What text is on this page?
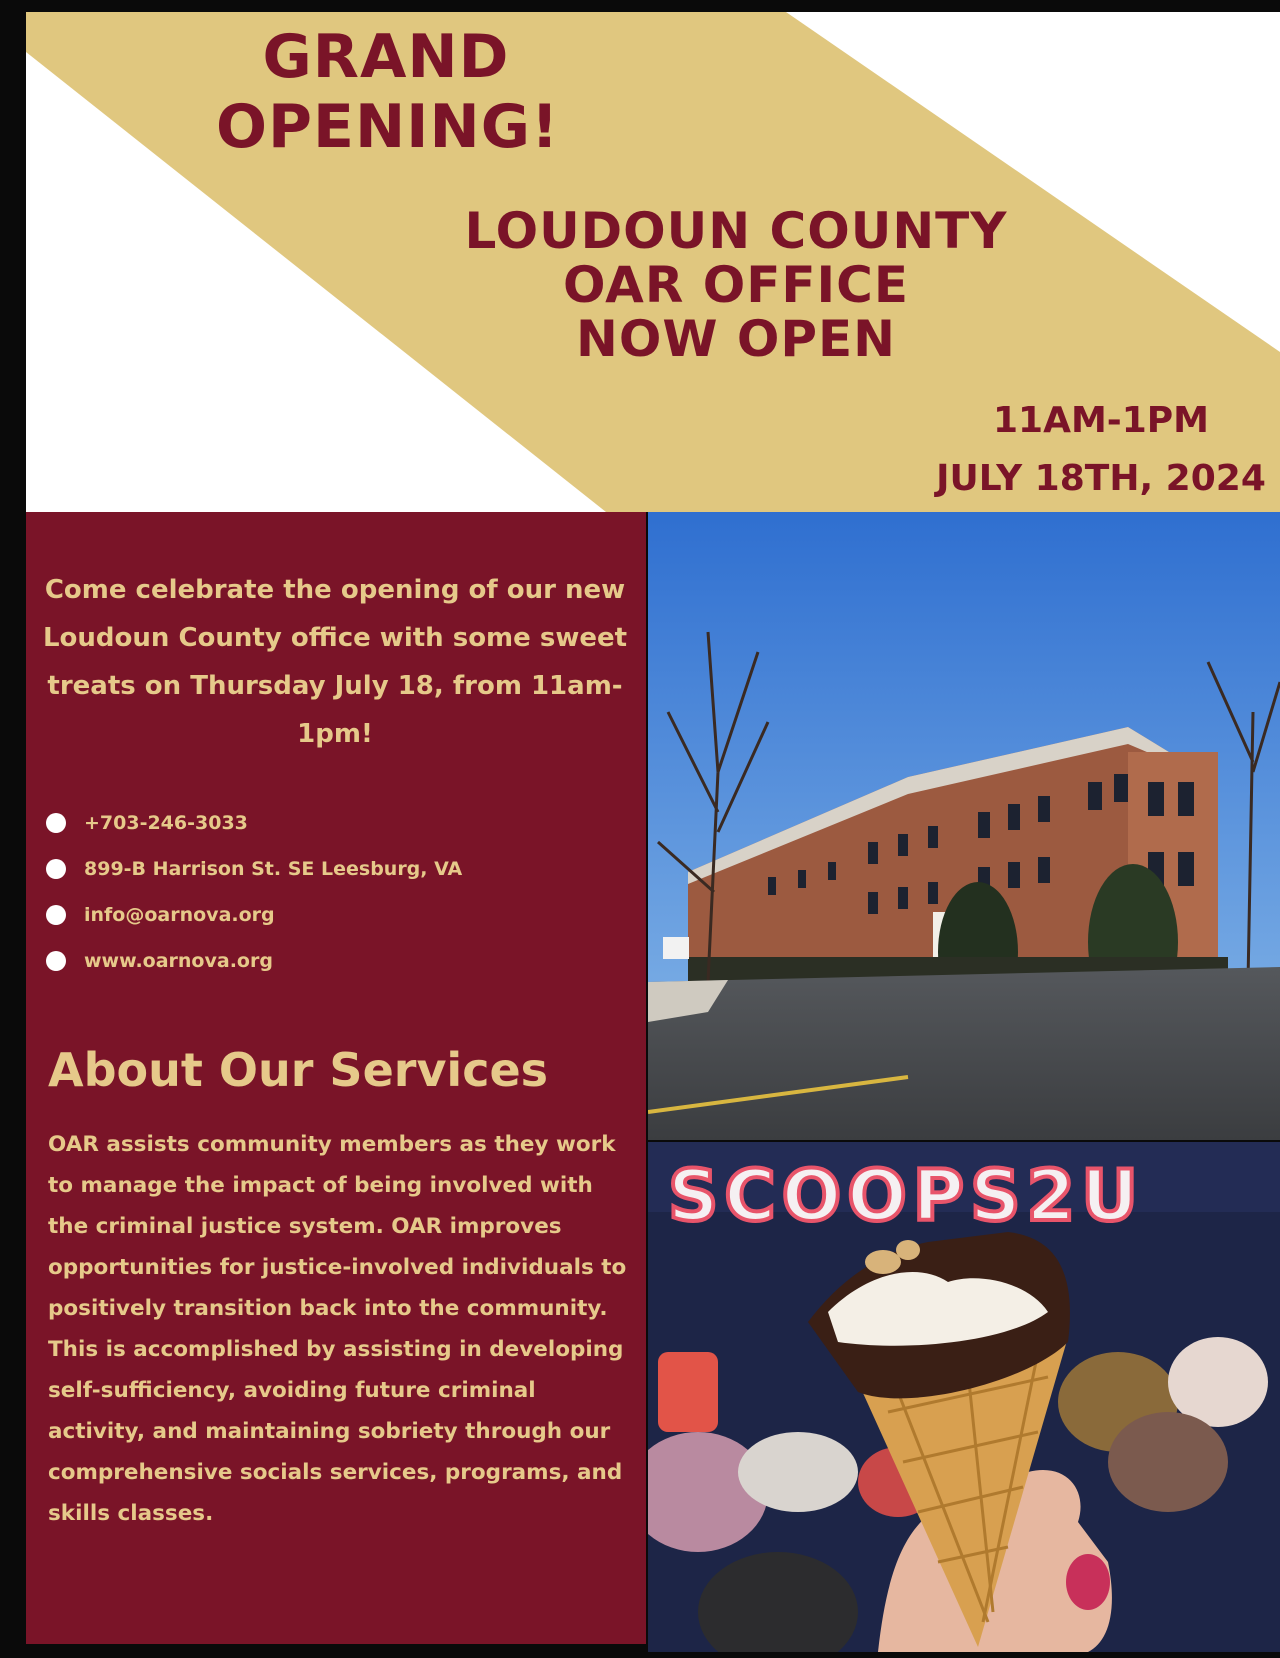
GRAND
OPENING!
LOUDOUN COUNTY
OAR OFFICE
NOW OPEN
11AM-1PM
JULY 18TH, 2024

Come celebrate the opening of our new Loudoun County office with some sweet treats on Thursday July 18, from 11am-1pm!

+703-246-3033
899-B Harrison St. SE Leesburg, VA
info@oarnova.org
www.oarnova.org
About Our Services

OAR assists community members as they work to manage the impact of being involved with the criminal justice system. OAR improves opportunities for justice-involved individuals to positively transition back into the community. This is accomplished by assisting in developing self-sufficiency, avoiding future criminal activity, and maintaining sobriety through our comprehensive socials services, programs, and skills classes.

SCOOPS2U
